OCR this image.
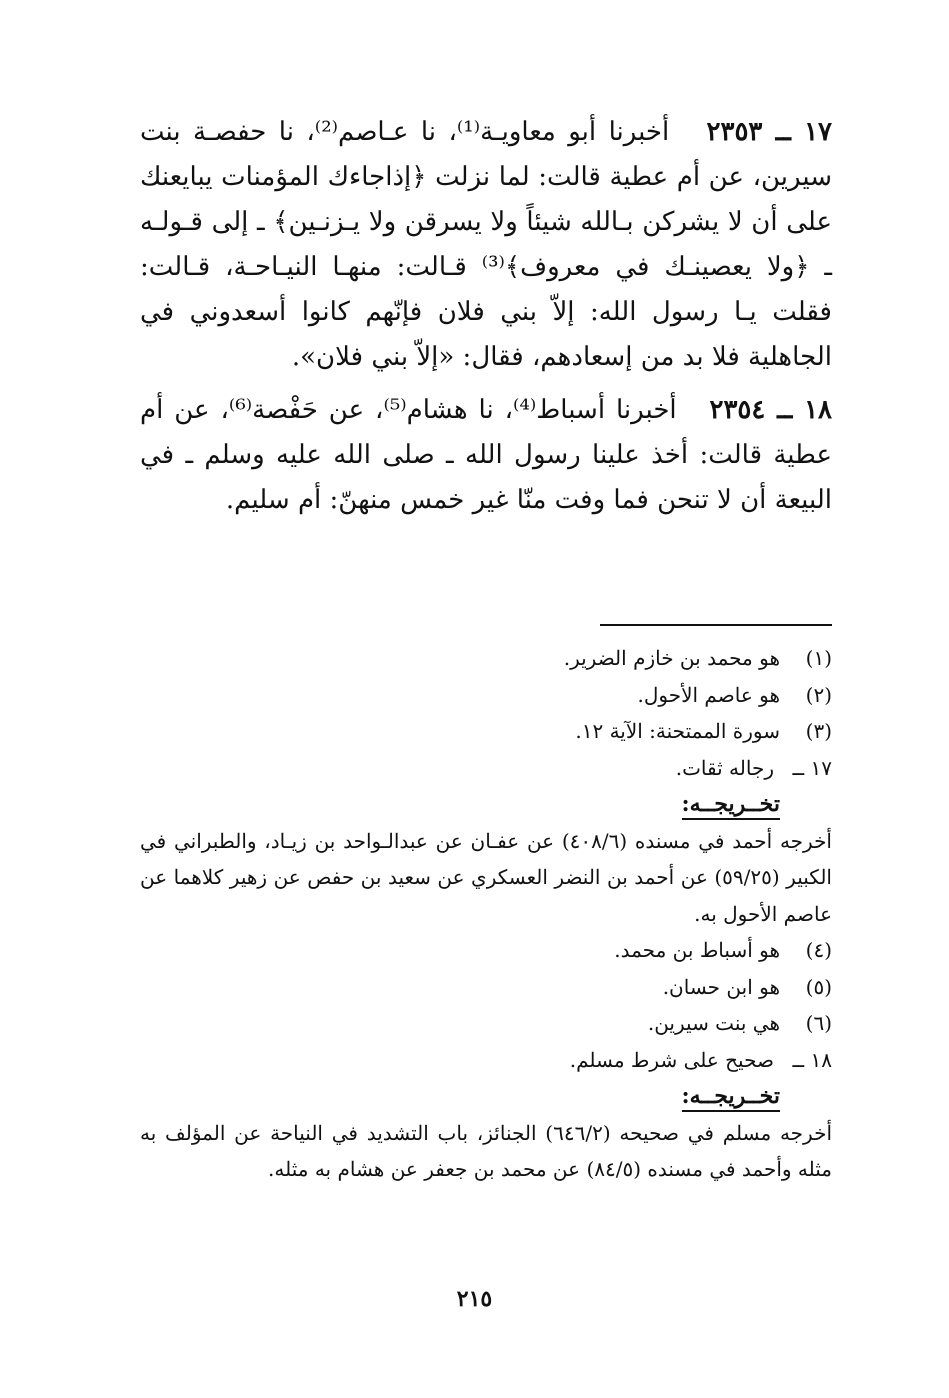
١٧ ــ ٢٣٥٣   أخبرنا أبو معاويـة⁽¹⁾، نا عـاصم⁽²⁾، نا حفصـة بنت سيرين، عن أم عطية قالت: لما نزلت ﴿إذاجاءك المؤمنات يبايعنك على أن لا يشركن بـالله شيئاً ولا يسرقن ولا يـزنـين﴾ ـ إلى قـولـه ـ ﴿ولا يعصينـك في معروف﴾⁽³⁾ قـالت: منهـا النيـاحـة، قـالت: فقلت يـا رسول الله: إلاّ بني فلان فإنّهم كانوا أسعدوني في الجاهلية فلا بد من إسعادهم، فقال: «إلاّ بني فلان».

١٨ ــ ٢٣٥٤   أخبرنا أسباط⁽⁴⁾، نا هشام⁽⁵⁾، عن حَفْصة⁽⁶⁾، عن أم عطية قالت: أخذ علينا رسول الله ـ صلى الله عليه وسلم ـ في البيعة أن لا تنحن فما وفت منّا غير خمس منهنّ: أم سليم.

(١)
هو محمد بن خازم الضرير.
(٢)
هو عاصم الأحول.
(٣)
سورة الممتحنة: الآية ١٢.
١٧ ــ
رجاله ثقات.
تخــريجــه:
أخرجه أحمد في مسنده (٤٠٨/٦) عن عفـان عن عبدالـواحد بن زيـاد، والطبراني في الكبير (٥٩/٢٥) عن أحمد بن النضر العسكري عن سعيد بن حفص عن زهير كلاهما عن عاصم الأحول به.
(٤)
هو أسباط بن محمد.
(٥)
هو ابن حسان.
(٦)
هي بنت سيرين.
١٨ ــ
صحيح على شرط مسلم.
تخــريجــه:
أخرجه مسلم في صحيحه (٦٤٦/٢) الجنائز، باب التشديد في النياحة عن المؤلف به مثله وأحمد في مسنده (٨٤/٥) عن محمد بن جعفر عن هشام به مثله.
٢١٥
